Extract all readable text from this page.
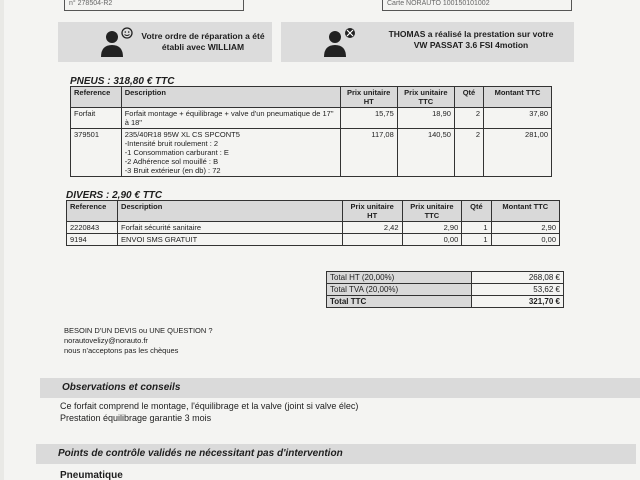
n° 278504-R2	Carte NORAUTO 100150101002
Votre ordre de réparation a été établi avec WILLIAM
THOMAS a réalisé la prestation sur votre
VW PASSAT 3.6 FSI 4motion
PNEUS : 318,80 € TTC
Reference	Description	Prix unitaire HT	Prix unitaire TTC	Qté	Montant TTC
Forfait	Forfait montage + équilibrage + valve d'un pneumatique de 17" à 18"	15,75	18,90	2	37,80
379501	235/40R18 95W XL CS SPCONT5
-Intensité bruit roulement : 2
-1 Consommation carburant : E
-2 Adhérence sol mouillé : B
-3 Bruit extérieur (en db) : 72	117,08	140,50	2	281,00
DIVERS : 2,90 € TTC
Reference	Description	Prix unitaire HT	Prix unitaire TTC	Qté	Montant TTC
2220843	Forfait sécurité sanitaire	2,42	2,90	1	2,90
9194	ENVOI SMS GRATUIT		0,00	1	0,00
Total HT (20,00%)	268,08 €
Total TVA (20,00%)	53,62 €
Total TTC	321,70 €
BESOIN D'UN DEVIS ou UNE QUESTION ?
norautovelizy@norauto.fr
nous n'acceptons pas les chèques
Observations et conseils
Ce forfait comprend le montage, l'équilibrage et la valve (joint si valve élec)
Prestation équilibrage garantie 3 mois
Points de contrôle validés ne nécessitant pas d'intervention
Pneumatique
